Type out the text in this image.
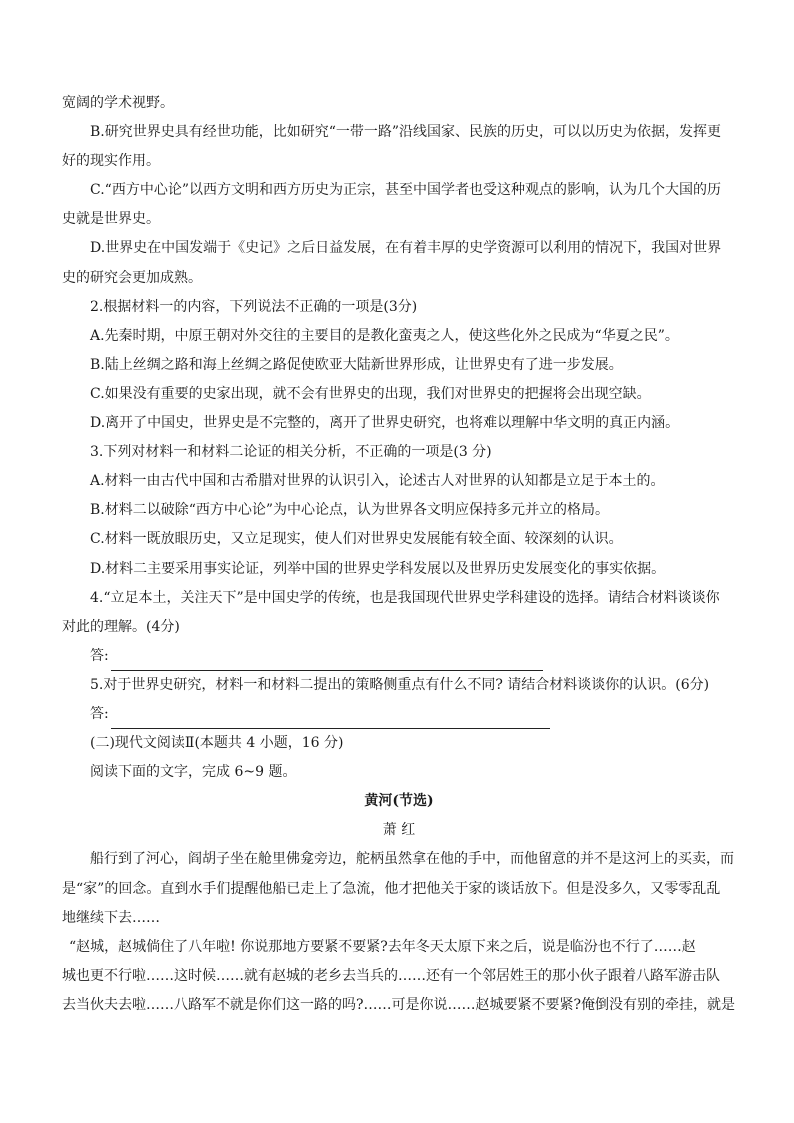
宽阔的学术视野。
B.研究世界史具有经世功能，比如研究“一带一路”沿线国家、民族的历史，可以以历史为依据，发挥更
好的现实作用。
C.“西方中心论”以西方文明和西方历史为正宗，甚至中国学者也受这种观点的影响，认为几个大国的历
史就是世界史。
D.世界史在中国发端于《史记》之后日益发展，在有着丰厚的史学资源可以利用的情况下，我国对世界
史的研究会更加成熟。
2.根据材料一的内容，下列说法不正确的一项是(3分)
A.先秦时期，中原王朝对外交往的主要目的是教化蛮夷之人，使这些化外之民成为“华夏之民”。
B.陆上丝绸之路和海上丝绸之路促使欧亚大陆新世界形成，让世界史有了进一步发展。
C.如果没有重要的史家出现，就不会有世界史的出现，我们对世界史的把握将会出现空缺。
D.离开了中国史，世界史是不完整的，离开了世界史研究，也将难以理解中华文明的真正内涵。
3.下列对材料一和材料二论证的相关分析，不正确的一项是(3 分)
A.材料一由古代中国和古希腊对世界的认识引入，论述古人对世界的认知都是立足于本土的。
B.材料二以破除“西方中心论”为中心论点，认为世界各文明应保持多元并立的格局。
C.材料一既放眼历史，又立足现实，使人们对世界史发展能有较全面、较深刻的认识。
D.材料二主要采用事实论证，列举中国的世界史学科发展以及世界历史发展变化的事实依据。
4.“立足本土，关注天下”是中国史学的传统，也是我国现代世界史学科建设的选择。请结合材料谈谈你
对此的理解。(4分)
答:
5.对于世界史研究，材料一和材料二提出的策略侧重点有什么不同? 请结合材料谈谈你的认识。(6分)
答:
(二)现代文阅读Ⅱ(本题共 4 小题，16 分)
阅读下面的文字，完成 6~9 题。
黄河(节选)
萧 红
船行到了河心，阎胡子坐在舱里佛龛旁边，舵柄虽然拿在他的手中，而他留意的并不是这河上的买卖，而
是“家”的回念。直到水手们提醒他船已走上了急流，他才把他关于家的谈话放下。但是没多久，又零零乱乱
地继续下去……
“赵城，赵城倘住了八年啦! 你说那地方要紧不要紧?去年冬天太原下来之后，说是临汾也不行了……赵
城也更不行啦……这时候……就有赵城的老乡去当兵的……还有一个邻居姓王的那小伙子跟着八路军游击队
去当伙夫去啦……八路军不就是你们这一路的吗?……可是你说……赵城要紧不要紧?俺倒没有别的牵挂，就是
